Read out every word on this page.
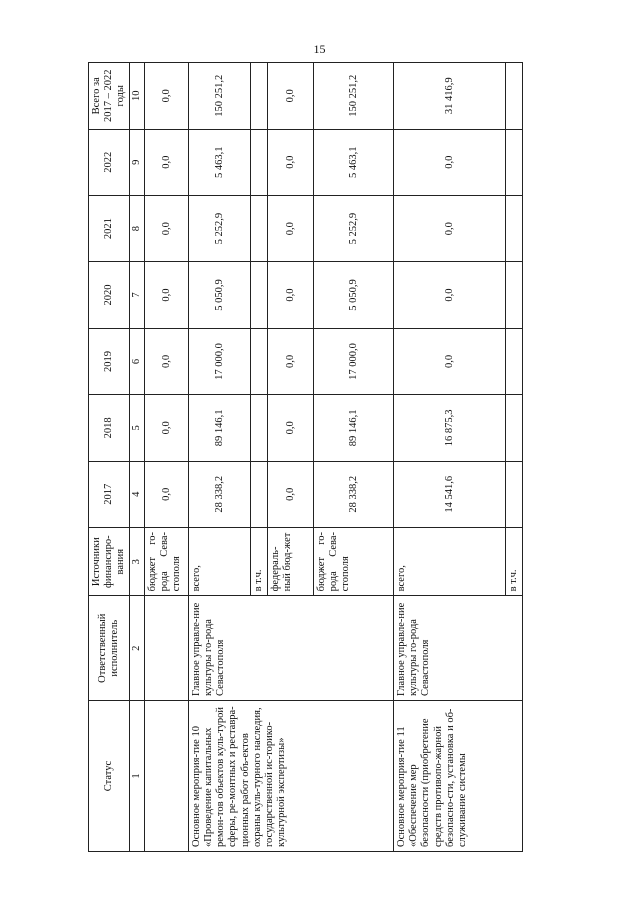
15
Статус	Ответственный исполнитель	Источники финансиро-вания	2017	2018	2019	2020	2021	2022	Всего за 2017 – 2022 годы
1	2	3	4	5	6	7	8	9	10
		бюджет го-рода Сева-стополя	0,0	0,0	0,0	0,0	0,0	0,0	0,0
Основное мероприя-тие 10 «Проведение капитальных ремон-тов объектов куль-турой сферы, ре-монтных и реставра-ционных работ объ-ектов охраны куль-турного наследия, государственной ис-торико-культурной экспертизы»	Главное управле-ние культуры го-рода Севастополя	всего,	28 338,2	89 146,1	17 000,0	5 050,9	5 252,9	5 463,1	150 251,2
		в т.ч.							
		федераль-ный бюд-жет	0,0	0,0	0,0	0,0	0,0	0,0	0,0
		бюджет го-рода Сева-стополя	28 338,2	89 146,1	17 000,0	5 050,9	5 252,9	5 463,1	150 251,2
Основное мероприя-тие 11 «Обеспечение мер безопасности (приобретение средств противопо-жарной безопасно-сти, установка и об-служивание системы	Главное управле-ние культуры го-рода Севастополя	всего,	14 541,6	16 875,3	0,0	0,0	0,0	0,0	31 416,9
		в т.ч.							
